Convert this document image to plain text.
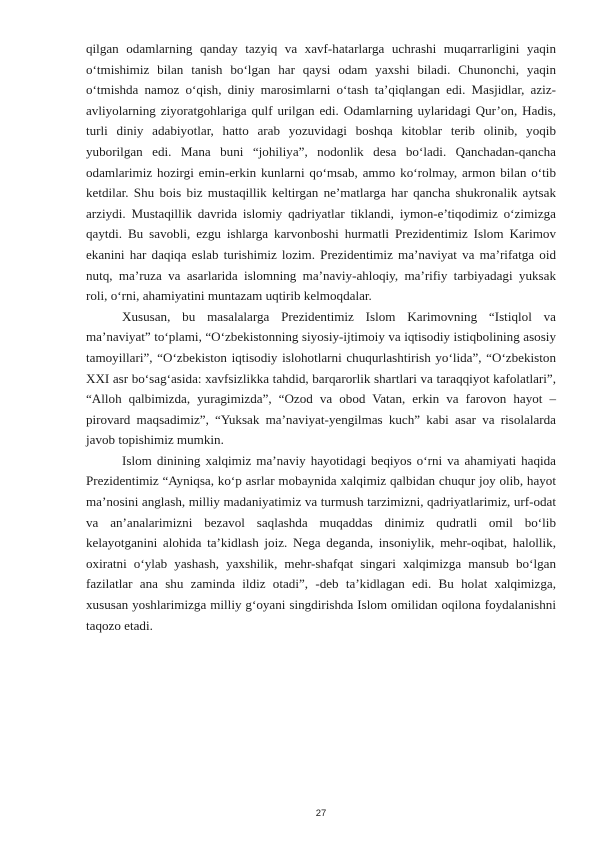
qilgan odamlarning qanday tazyiq va xavf-hatarlarga uchrashi muqarrarligini yaqin o‘tmishimiz bilan tanish bo‘lgan har qaysi odam yaxshi biladi. Chunonchi, yaqin o‘tmishda namoz o‘qish, diniy marosimlarni o‘tash ta’qiqlangan edi. Masjidlar, aziz-avliyolarning ziyoratgohlariga qulf urilgan edi. Odamlarning uylaridagi Qur’on, Hadis, turli diniy adabiyotlar, hatto arab yozuvidagi boshqa kitoblar terib olinib, yoqib yuborilgan edi. Mana buni “johiliya”, nodonlik desa bo‘ladi. Qanchadan-qancha odamlarimiz hozirgi emin-erkin kunlarni qo‘msab, ammo ko‘rolmay, armon bilan o‘tib ketdilar. Shu bois biz mustaqillik keltirgan ne’matlarga har qancha shukronalik aytsak arziydi. Mustaqillik davrida islomiy qadriyatlar tiklandi, iymon-e’tiqodimiz o‘zimizga qaytdi. Bu savobli, ezgu ishlarga karvonboshi hurmatli Prezidentimiz Islom Karimov ekanini har daqiqa eslab turishimiz lozim. Prezidentimiz ma’naviyat va ma’rifatga oid nutq, ma’ruza va asarlarida islomning ma’naviy-ahloqiy, ma’rifiy tarbiyadagi yuksak roli, o‘rni, ahamiyatini muntazam uqtirib kelmoqdalar.

Xususan, bu masalalarga Prezidentimiz Islom Karimovning “Istiqlol va ma’naviyat” to‘plami, “O‘zbekistonning siyosiy-ijtimoiy va iqtisodiy istiqbolining asosiy tamoyillari”, “O‘zbekiston iqtisodiy islohotlarni chuqurlashtirish yo‘lida”, “O‘zbekiston XXI asr bo‘sag‘asida: xavfsizlikka tahdid, barqarorlik shartlari va taraqqiyot kafolatlari”, “Alloh qalbimizda, yuragimizda”, “Ozod va obod Vatan, erkin va farovon hayot – pirovard maqsadimiz”, “Yuksak ma’naviyat-yengilmas kuch” kabi asar va risolalarda javob topishimiz mumkin.

Islom dinining xalqimiz ma’naviy hayotidagi beqiyos o‘rni va ahamiyati haqida Prezidentimiz “Ayniqsa, ko‘p asrlar mobaynida xalqimiz qalbidan chuqur joy olib, hayot ma’nosini anglash, milliy madaniyatimiz va turmush tarzimizni, qadriyatlarimiz, urf-odat va an’analarimizni bezavol saqlashda muqaddas dinimiz qudratli omil bo‘lib kelayotganini alohida ta’kidlash joiz. Nega deganda, insoniylik, mehr-oqibat, halollik, oxiratni o‘ylab yashash, yaxshilik, mehr-shafqat singari xalqimizga mansub bo‘lgan fazilatlar ana shu zaminda ildiz otadi”, -deb ta’kidlagan edi. Bu holat xalqimizga, xususan yoshlarimizga milliy g‘oyani singdirishda Islom omilidan oqilona foydalanishni taqozo etadi.

27
